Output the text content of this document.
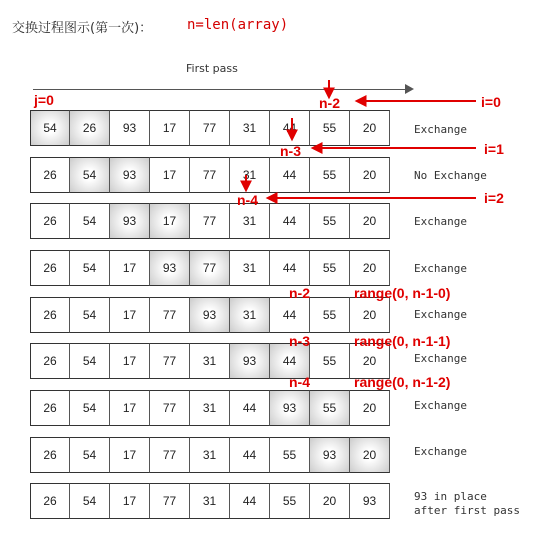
交换过程图示(第一次)： n=len(array)
First pass
54	26	93	17	77	31	44	55	20	Exchange
26	54	93	17	77	31	44	55	20	No Exchange
26	54	93	17	77	31	44	55	20	Exchange
26	54	17	93	77	31	44	55	20	Exchange
26	54	17	77	93	31	44	55	20	Exchange
26	54	17	77	31	93	44	55	20	Exchange
26	54	17	77	31	44	93	55	20	Exchange
26	54	17	77	31	44	55	93	20	Exchange
26	54	17	77	31	44	55	20	93	93 in place
after first pass
j=0	n-2
n-3
n-4
i=0
i=1
i=2
n-2
n-3
n-4
range(0, n-1-0)
range(0, n-1-1)
range(0, n-1-2)
